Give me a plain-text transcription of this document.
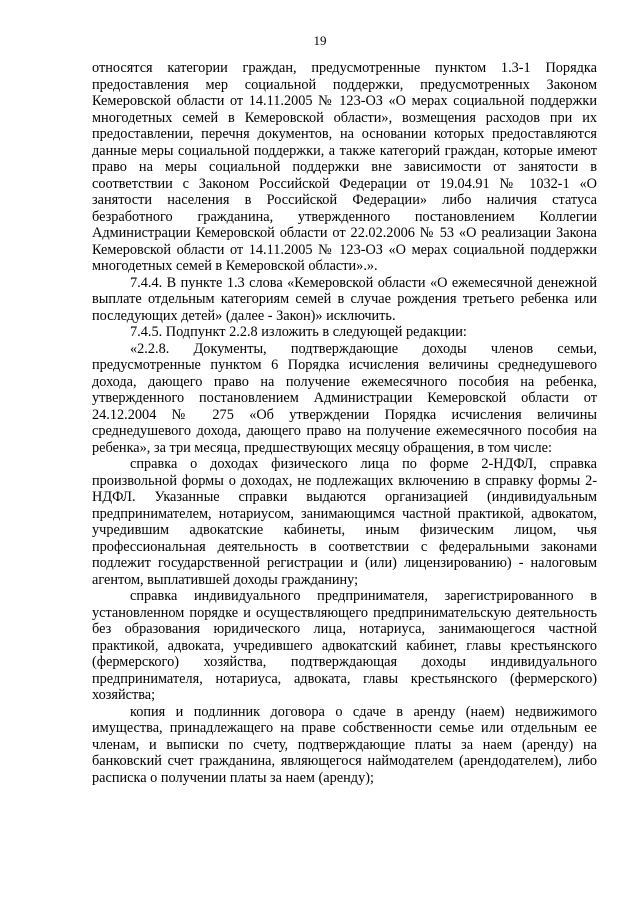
19

относятся категории граждан, предусмотренные пунктом 1.3-1 Порядка предоставления мер социальной поддержки, предусмотренных Законом Кемеровской области от 14.11.2005 № 123-ОЗ «О мерах социальной поддержки многодетных семей в Кемеровской области», возмещения расходов при их предоставлении, перечня документов, на основании которых предоставляются данные меры социальной поддержки, а также категорий граждан, которые имеют право на меры социальной поддержки вне зависимости от занятости в соответствии с Законом Российской Федерации от 19.04.91 № 1032-1 «О занятости населения в Российской Федерации» либо наличия статуса безработного гражданина, утвержденного постановлением Коллегии Администрации Кемеровской области от 22.02.2006 № 53 «О реализации Закона Кемеровской области от 14.11.2005 № 123-ОЗ «О мерах социальной поддержки многодетных семей в Кемеровской области».».

7.4.4. В пункте 1.3 слова «Кемеровской области «О ежемесячной денежной выплате отдельным категориям семей в случае рождения третьего ребенка или последующих детей» (далее - Закон)» исключить.

7.4.5. Подпункт 2.2.8 изложить в следующей редакции:

«2.2.8. Документы, подтверждающие доходы членов семьи, предусмотренные пунктом 6 Порядка исчисления величины среднедушевого дохода, дающего право на получение ежемесячного пособия на ребенка, утвержденного постановлением Администрации Кемеровской области от 24.12.2004 № 275 «Об утверждении Порядка исчисления величины среднедушевого дохода, дающего право на получение ежемесячного пособия на ребенка», за три месяца, предшествующих месяцу обращения, в том числе:

справка о доходах физического лица по форме 2-НДФЛ, справка произвольной формы о доходах, не подлежащих включению в справку формы 2-НДФЛ. Указанные справки выдаются организацией (индивидуальным предпринимателем, нотариусом, занимающимся частной практикой, адвокатом, учредившим адвокатские кабинеты, иным физическим лицом, чья профессиональная деятельность в соответствии с федеральными законами подлежит государственной регистрации и (или) лицензированию) - налоговым агентом, выплатившей доходы гражданину;

справка индивидуального предпринимателя, зарегистрированного в установленном порядке и осуществляющего предпринимательскую деятельность без образования юридического лица, нотариуса, занимающегося частной практикой, адвоката, учредившего адвокатский кабинет, главы крестьянского (фермерского) хозяйства, подтверждающая доходы индивидуального предпринимателя, нотариуса, адвоката, главы крестьянского (фермерского) хозяйства;

копия и подлинник договора о сдаче в аренду (наем) недвижимого имущества, принадлежащего на праве собственности семье или отдельным ее членам, и выписки по счету, подтверждающие платы за наем (аренду) на банковский счет гражданина, являющегося наймодателем (арендодателем), либо расписка о получении платы за наем (аренду);
